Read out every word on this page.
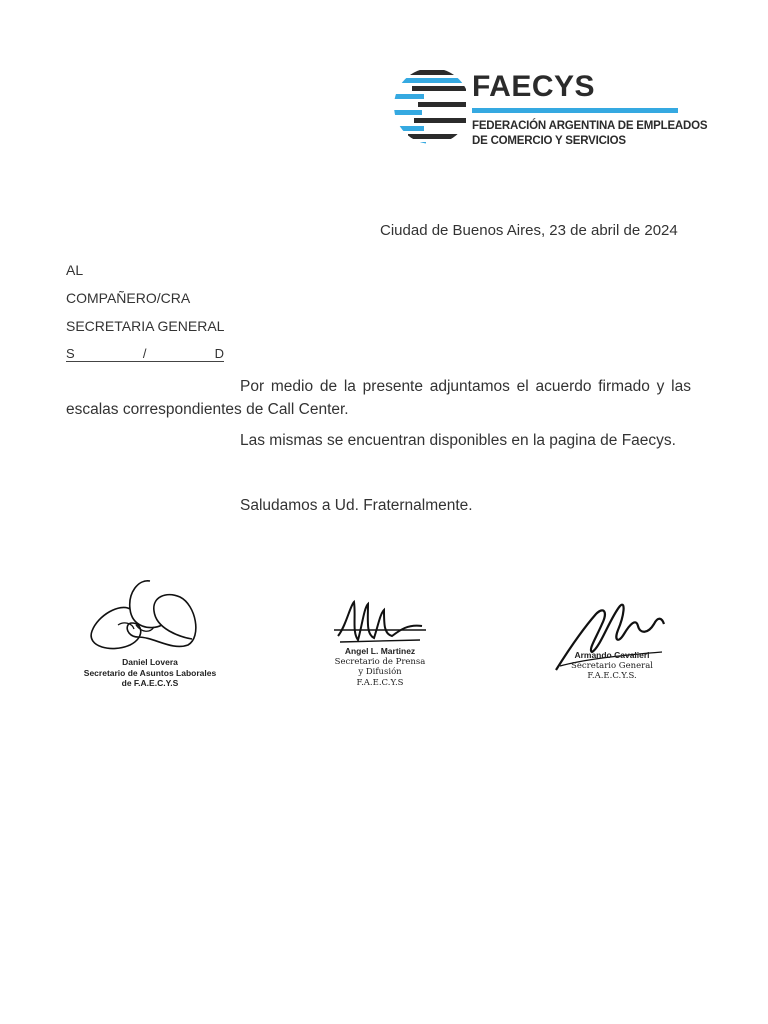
FAECYS
FEDERACIÓN ARGENTINA DE EMPLEADOS
DE COMERCIO Y SERVICIOS
Ciudad de Buenos Aires, 23 de abril de 2024
AL
COMPAÑERO/CRA
SECRETARIA GENERAL
S	/	D
Por medio de la presente adjuntamos el acuerdo firmado y las escalas correspondientes de Call Center.
Las mismas se encuentran disponibles en la pagina de Faecys.
Saludamos a Ud. Fraternalmente.
Daniel Lovera
Secretario de Asuntos Laborales
de F.A.E.C.Y.S
Angel L. Martinez
Secretario de Prensa
y Difusión
F.A.E.C.Y.S
Armando Cavalieri
Secretario General
F.A.E.C.Y.S.
